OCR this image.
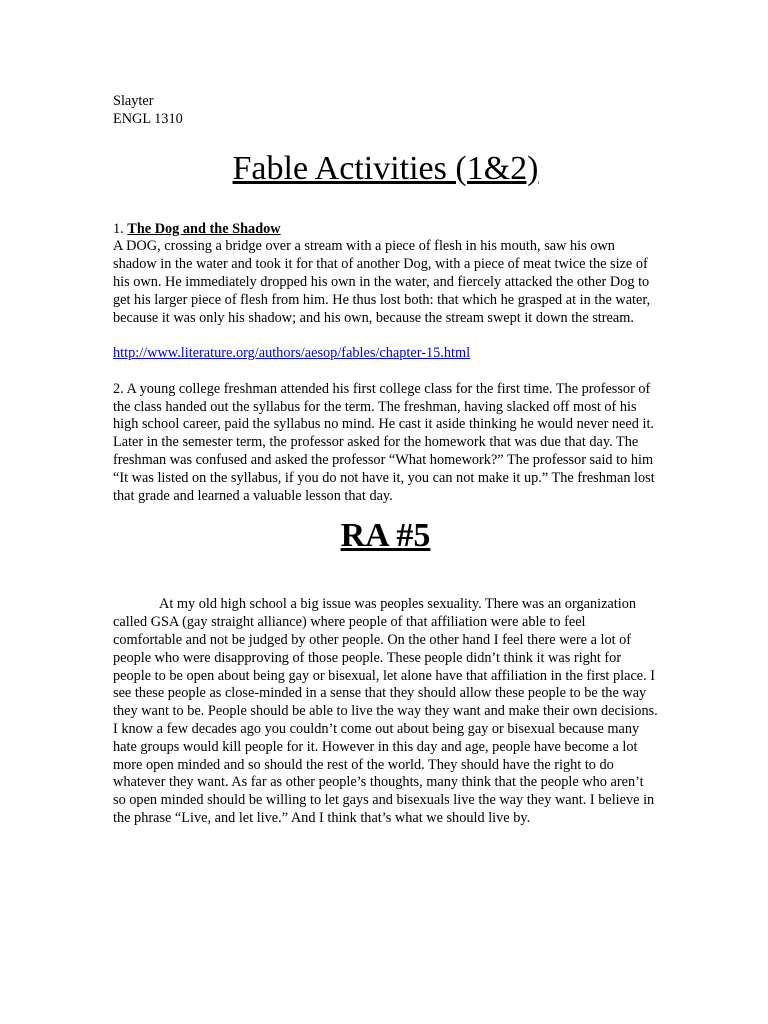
Slayter
ENGL 1310
Fable Activities (1&2)

1. The Dog and the Shadow

A DOG, crossing a bridge over a stream with a piece of flesh in his mouth, saw his own shadow in the water and took it for that of another Dog, with a piece of meat twice the size of his own. He immediately dropped his own in the water, and fiercely attacked the other Dog to get his larger piece of flesh from him. He thus lost both: that which he grasped at in the water, because it was only his shadow; and his own, because the stream swept it down the stream.

http://www.literature.org/authors/aesop/fables/chapter-15.html

2. A young college freshman attended his first college class for the first time. The professor of the class handed out the syllabus for the term. The freshman, having slacked off most of his high school career, paid the syllabus no mind. He cast it aside thinking he would never need it. Later in the semester term, the professor asked for the homework that was due that day. The freshman was confused and asked the professor “What homework?” The professor said to him “It was listed on the syllabus, if you do not have it, you can not make it up.” The freshman lost that grade and learned a valuable lesson that day.

RA #5

At my old high school a big issue was peoples sexuality. There was an organization called GSA (gay straight alliance) where people of that affiliation were able to feel comfortable and not be judged by other people. On the other hand I feel there were a lot of people who were disapproving of those people. These people didn’t think it was right for people to be open about being gay or bisexual, let alone have that affiliation in the first place. I see these people as close-minded in a sense that they should allow these people to be the way they want to be. People should be able to live the way they want and make their own decisions. I know a few decades ago you couldn’t come out about being gay or bisexual because many hate groups would kill people for it. However in this day and age, people have become a lot more open minded and so should the rest of the world. They should have the right to do whatever they want. As far as other people’s thoughts, many think that the people who aren’t so open minded should be willing to let gays and bisexuals live the way they want. I believe in the phrase “Live, and let live.” And I think that’s what we should live by.
